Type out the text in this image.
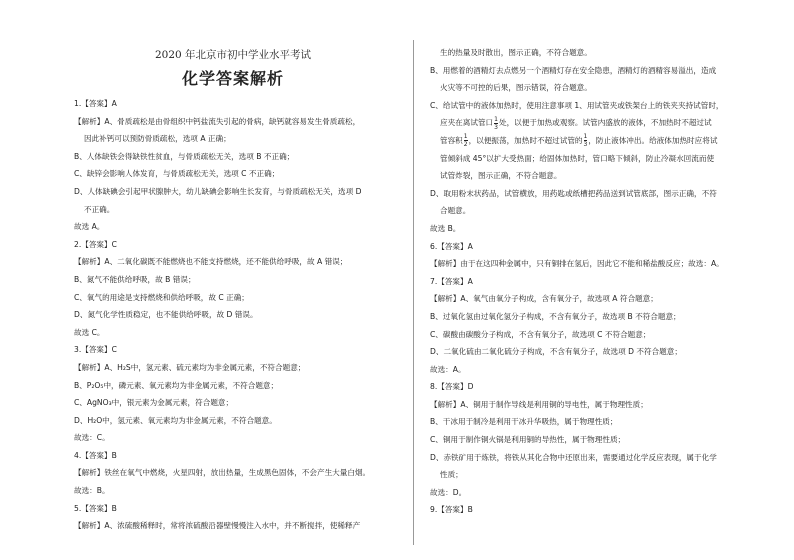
2020 年北京市初中学业水平考试
化学答案解析
1.【答案】A
【解析】A、骨质疏松是由骨组织中钙盐流失引起的骨病，缺钙就容易发生骨质疏松，
因此补钙可以预防骨质疏松，选项 A 正确；
B、人体缺铁会得缺铁性贫血，与骨质疏松无关，选项 B 不正确；
C、缺锌会影响人体发育，与骨质疏松无关，选项 C 不正确；
D、人体缺碘会引起甲状腺肿大，幼儿缺碘会影响生长发育，与骨质疏松无关，选项 D
不正确。
故选 A。
2.【答案】C
【解析】A、二氧化碳既不能燃烧也不能支持燃烧，还不能供给呼吸，故 A 错误；
B、氮气不能供给呼吸，故 B 错误；
C、氧气的用途是支持燃烧和供给呼吸，故 C 正确；
D、氮气化学性质稳定，也不能供给呼吸，故 D 错误。
故选 C。
3.【答案】C
【解析】A、H₂S中，氢元素、硫元素均为非金属元素，不符合题意；
B、P₂O₅中，磷元素、氧元素均为非金属元素，不符合题意；
C、AgNO₃中，银元素为金属元素，符合题意；
D、H₂O中，氢元素、氧元素均为非金属元素，不符合题意。
故选：C。
4.【答案】B
【解析】铁丝在氧气中燃烧，火星四射，放出热量，生成黑色固体，不会产生大量白烟。
故选：B。
5.【答案】B
【解析】A、浓硫酸稀释时，常将浓硫酸沿器壁慢慢注入水中，并不断搅拌，使稀释产
生的热量及时散出，图示正确，不符合题意。
B、用燃着的酒精灯去点燃另一个酒精灯存在安全隐患，酒精灯的酒精容易溢出，造成
火灾等不可控的后果，图示错误，符合题意。
C、给试管中的液体加热时，使用注意事项 1、用试管夹或铁架台上的铁夹夹持试管时，
应夹在离试管口 $\frac{1}{3}$ 处，以便于加热或观察。试管内盛放的液体，不加热时不超过试
管容积 $\frac{1}{2}$ ，以便振荡，加热时不超过试管的 $\frac{1}{3}$ ，防止液体冲出。给液体加热时应将试
管倾斜成 45°以扩大受热面；给固体加热时，管口略下倾斜，防止冷凝水回流而使
试管炸裂，图示正确，不符合题意。
D、取用粉末状药品，试管横放，用药匙或纸槽把药品送到试管底部，图示正确，不符
合题意。
故选 B。
6.【答案】A
【解析】由于在这四种金属中，只有铜排在氢后，因此它不能和稀盐酸反应；故选：A。
7.【答案】A
【解析】A、氧气由氧分子构成，含有氧分子，故选项 A 符合题意；
B、过氧化氢由过氧化氢分子构成，不含有氧分子，故选项 B 不符合题意；
C、碳酸由碳酸分子构成，不含有氧分子，故选项 C 不符合题意；
D、二氧化硫由二氧化硫分子构成，不含有氧分子，故选项 D 不符合题意；
故选：A。
8.【答案】D
【解析】A、铜用于制作导线是利用铜的导电性，属于物理性质；
B、干冰用于制冷是利用干冰升华吸热，属于物理性质；
C、铜用于制作铜火锅是利用铜的导热性，属于物理性质；
D、赤铁矿用于炼铁，将铁从其化合物中还原出来，需要通过化学反应表现，属于化学
性质；
故选：D。
9.【答案】B
